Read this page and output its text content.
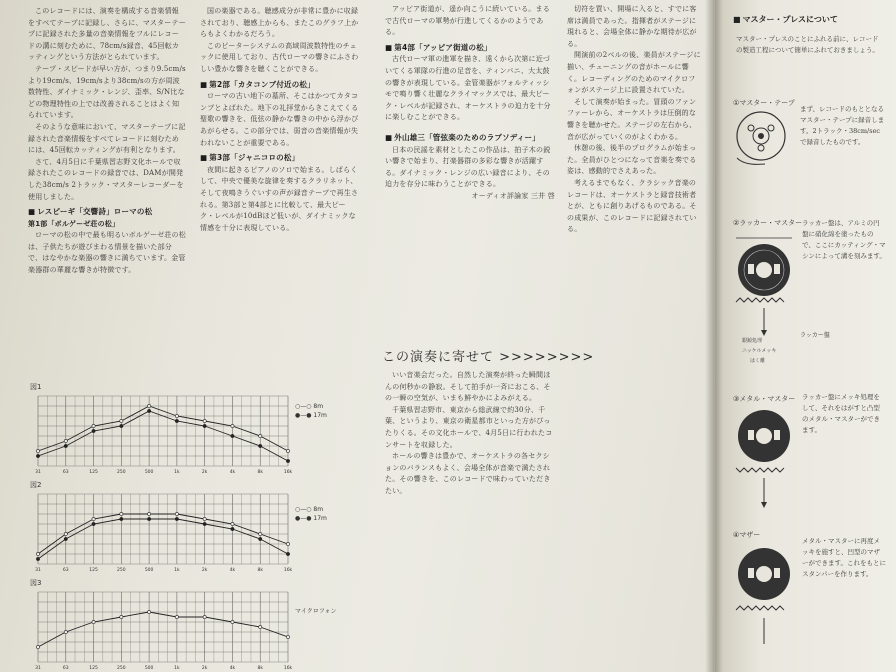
このレコードには、演奏を構成する音楽情報をすべてテープに記録し、さらに、マスターテープに記録された多量の音楽情報をフルにレコードの溝に刻むために、78cm/s録音、45回転カッティングという方法がとられています。

テープ・スピードが早い方が、つまり9.5cm/sより19cm/s、19cm/sより38cm/sの方が周波数特性、ダイナミック・レンジ、歪率、S/N比などの物理特性の上では改善されることはよく知られています。

そのような意味において、マスターテープに記録された音楽情報をすべてレコードに刻むためには、45回転カッティングが有利となります。

さて、4月5日に千葉県習志野文化ホールで収録されたこのレコードの録音では、DAMが開発した38cm/s 2トラック・マスターレコーダーを使用しました。

■ レスピーギ「交響詩」ローマの松
第1部「ボルゲーゼ荘の松」

ローマの松の中で最も明るいボルゲーゼ荘の松は、子供たちが遊びまわる情景を描いた部分で、はなやかな楽器の響きに満ちています。金管楽器群の華麗な響きが特徴です。

図1
図2
図3
31	63	125	250	500	1k	2k	4k	8k	16k
31	63	125	250	500	1k	2k	4k	8k	16k
31	63	125	250	500	1k	2k	4k	8k	16k
○—○ 8m
●—● 17m
○—○ 8m
●—● 17m
マイクロフォン

国の楽器である。聴感成分が非常に豊かに収録されており、聴感上からも、またこのグラフ上からもよくわかるだろう。

このピーターシステムの高域周波数特性のチェックに使用しており、古代ローマの響きにふさわしい豊かな響きを聴くことができる。

■ 第2部「カタコンブ付近の松」

ローマの古い地下の墓所、そこはかつてカタコンブとよばれた。地下の礼拝堂からきこえてくる聖歌の響きを、低弦の静かな響きの中から浮かびあがらせる。この部分では、弱音の音楽情報が失われないことが重要である。

■ 第3部「ジャニコロの松」

夜間に起きるピアノのソロで始まる。しばらくして、中央で優美な旋律を奏するクラリネット、そして夜鳴きうぐいすの声が録音テープで再生される。第3部と第4部とに比較して、最大ピーク・レベルが10dBほど低いが、ダイナミックな情感を十分に表現している。

アッピア街道が、遥か向こうに続いている。まるで古代ローマの軍勢が行進してくるかのようである。

■ 第4部「アッピア街道の松」

古代ローマ軍の進軍を描き、遠くから次第に近づいてくる軍隊の行進の足音を、ティンパニ、大太鼓の響きが表現している。金管楽器がフォルティッシモで鳴り響く壮麗なクライマックスでは、最大ピーク・レベルが記録され、オーケストラの迫力を十分に楽しむことができる。

■ 外山雄三「管弦楽のためのラプソディー」

日本の民謡を素材としたこの作品は、拍子木の鋭い響きで始まり、打楽器群の多彩な響きが活躍する。ダイナミック・レンジの広い録音により、その迫力を存分に味わうことができる。

オーディオ評論家 三井 啓
この演奏に寄せて >>>>>>>>

いい音楽会だった。自然した演奏が終った瞬間ほんの何秒かの静寂。そして拍手が一斉におこる、その一瞬の空気が、いまも鮮やかによみがえる。

千葉県習志野市、東京から総武線で約30分、千葉、というより、東京の衛星都市といった方がぴったりくる。その文化ホールで、4月5日に行われたコンサートを収録した。

ホールの響きは豊かで、オーケストラの各セクションのバランスもよく、会場全体が音楽で満たされた。その響きを、このレコードで味わっていただきたい。

切符を買い、開場に入ると、すでに客席は満員であった。指揮者がステージに現れると、会場全体に静かな期待が広がる。

開演前の2ベルの後、楽員がステージに揃い、チューニングの音がホールに響く。レコーディングのためのマイクロフォンがステージ上に設置されていた。

そして演奏が始まった。冒頭のファンファーレから、オーケストラは圧倒的な響きを聴かせた。ステージの左右から、音が広がっていくのがよくわかる。

休憩の後、後半のプログラムが始まった。全員がひとつになって音楽を奏でる姿は、感動的でさえあった。

考えるまでもなく、クラシック音楽のレコードは、オーケストラと録音技術者とが、ともに創りあげるものである。その成果が、このレコードに記録されている。

■ マスター・プレスについて
マスター・プレスのことにふれる前に、レコードの製造工程について簡単にふれておきましょう。
①マスター・テープ
まず、レコードのもととなるマスター・テープに録音します。2トラック・38cm/secで録音したものです。
②ラッカー・マスター ラッカー盤は、アルミの円盤に硝化綿を塗ったもので、ここにカッティング・マシンによって溝を刻みます。
ラッカー盤
銀鏡処理
ニッケルメッキ
はく離
③メタル・マスター ラッカー盤にメッキ処理をして、それをはがすと凸型のメタル・マスターができます。
④マザー
メタル・マスターに再度メッキを施すと、凹型のマザーができます。これをもとにスタンパーを作ります。
